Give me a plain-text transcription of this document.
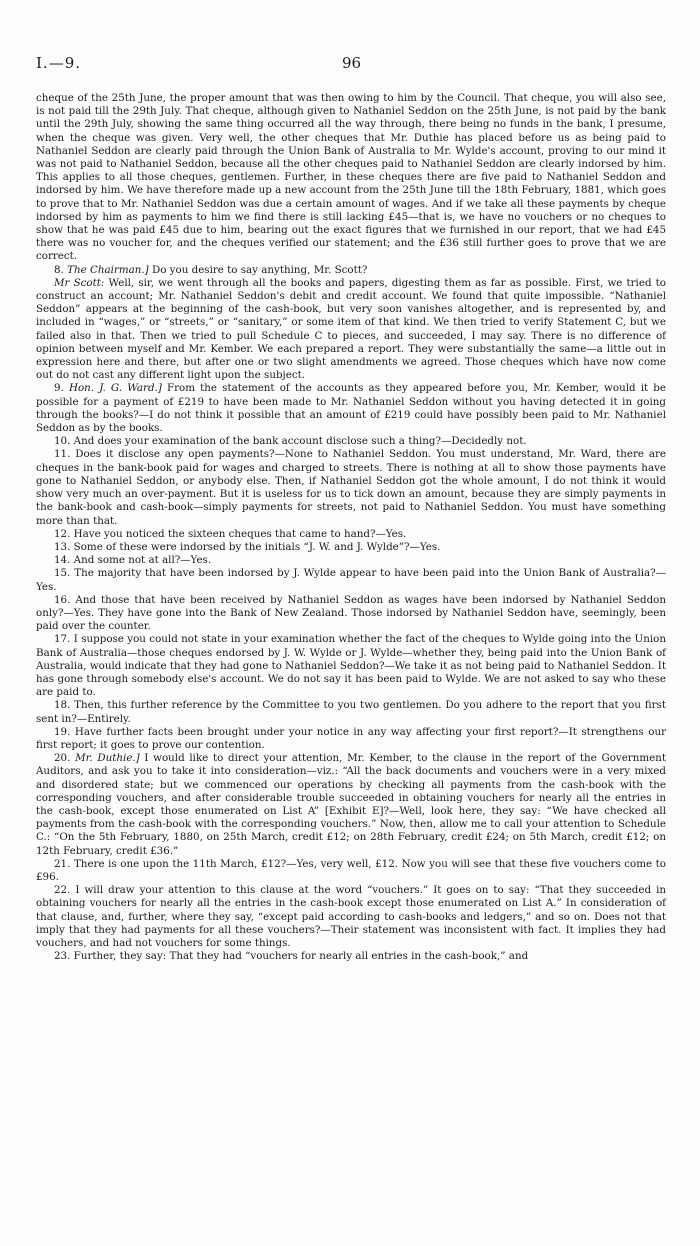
I.—9.	96

cheque of the 25th June, the proper amount that was then owing to him by the Council. That cheque, you will also see, is not paid till the 29th July. That cheque, although given to Nathaniel Seddon on the 25th June, is not paid by the bank until the 29th July, showing the same thing occurred all the way through, there being no funds in the bank, I presume, when the cheque was given. Very well, the other cheques that Mr. Duthie has placed before us as being paid to Nathaniel Seddon are clearly paid through the Union Bank of Australia to Mr. Wylde's account, proving to our mind it was not paid to Nathaniel Seddon, because all the other cheques paid to Nathaniel Seddon are clearly indorsed by him. This applies to all those cheques, gentlemen. Further, in these cheques there are five paid to Nathaniel Seddon and indorsed by him. We have therefore made up a new account from the 25th June till the 18th February, 1881, which goes to prove that to Mr. Nathaniel Seddon was due a certain amount of wages. And if we take all these payments by cheque indorsed by him as payments to him we find there is still lacking £45—that is, we have no vouchers or no cheques to show that he was paid £45 due to him, bearing out the exact figures that we furnished in our report, that we had £45 there was no voucher for, and the cheques verified our statement; and the £36 still further goes to prove that we are correct.

8. The Chairman.] Do you desire to say anything, Mr. Scott?

Mr Scott: Well, sir, we went through all the books and papers, digesting them as far as possible. First, we tried to construct an account; Mr. Nathaniel Seddon's debit and credit account. We found that quite impossible. “Nathaniel Seddon” appears at the beginning of the cash-book, but very soon vanishes altogether, and is represented by, and included in “wages,” or “streets,” or “sanitary,” or some item of that kind. We then tried to verify Statement C, but we failed also in that. Then we tried to pull Schedule C to pieces, and succeeded, I may say. There is no difference of opinion between myself and Mr. Kember. We each prepared a report. They were substantially the same—a little out in expression here and there, but after one or two slight amendments we agreed. Those cheques which have now come out do not cast any different light upon the subject.

9. Hon. J. G. Ward.] From the statement of the accounts as they appeared before you, Mr. Kember, would it be possible for a payment of £219 to have been made to Mr. Nathaniel Seddon without you having detected it in going through the books?—I do not think it possible that an amount of £219 could have possibly been paid to Mr. Nathaniel Seddon as by the books.

10. And does your examination of the bank account disclose such a thing?—Decidedly not.

11. Does it disclose any open payments?—None to Nathaniel Seddon. You must understand, Mr. Ward, there are cheques in the bank-book paid for wages and charged to streets. There is nothing at all to show those payments have gone to Nathaniel Seddon, or anybody else. Then, if Nathaniel Seddon got the whole amount, I do not think it would show very much an over-payment. But it is useless for us to tick down an amount, because they are simply payments in the bank-book and cash-book—simply payments for streets, not paid to Nathaniel Seddon. You must have something more than that.

12. Have you noticed the sixteen cheques that came to hand?—Yes.

13. Some of these were indorsed by the initials “J. W. and J. Wylde”?—Yes.

14. And some not at all?—Yes.

15. The majority that have been indorsed by J. Wylde appear to have been paid into the Union Bank of Australia?—Yes.

16. And those that have been received by Nathaniel Seddon as wages have been indorsed by Nathaniel Seddon only?—Yes. They have gone into the Bank of New Zealand. Those indorsed by Nathaniel Seddon have, seemingly, been paid over the counter.

17. I suppose you could not state in your examination whether the fact of the cheques to Wylde going into the Union Bank of Australia—those cheques endorsed by J. W. Wylde or J. Wylde—whether they, being paid into the Union Bank of Australia, would indicate that they had gone to Nathaniel Seddon?—We take it as not being paid to Nathaniel Seddon. It has gone through somebody else's account. We do not say it has been paid to Wylde. We are not asked to say who these are paid to.

18. Then, this further reference by the Committee to you two gentlemen. Do you adhere to the report that you first sent in?—Entirely.

19. Have further facts been brought under your notice in any way affecting your first report?—It strengthens our first report; it goes to prove our contention.

20. Mr. Duthie.] I would like to direct your attention, Mr. Kember, to the clause in the report of the Government Auditors, and ask you to take it into consideration—viz.: “All the back documents and vouchers were in a very mixed and disordered state; but we commenced our operations by checking all payments from the cash-book with the corresponding vouchers, and after considerable trouble succeeded in obtaining vouchers for nearly all the entries in the cash-book, except those enumerated on List A” [Exhibit E]?—Well, look here, they say: “We have checked all payments from the cash-book with the corresponding vouchers.” Now, then, allow me to call your attention to Schedule C.: “On the 5th February, 1880, on 25th March, credit £12; on 28th February, credit £24; on 5th March, credit £12; on 12th February, credit £36.”

21. There is one upon the 11th March, £12?—Yes, very well, £12. Now you will see that these five vouchers come to £96.

22. I will draw your attention to this clause at the word “vouchers.” It goes on to say: “That they succeeded in obtaining vouchers for nearly all the entries in the cash-book except those enumerated on List A.” In consideration of that clause, and, further, where they say, “except paid according to cash-books and ledgers,” and so on. Does not that imply that they had payments for all these vouchers?—Their statement was inconsistent with fact. It implies they had vouchers, and had not vouchers for some things.

23. Further, they say: That they had “vouchers for nearly all entries in the cash-book,” and
